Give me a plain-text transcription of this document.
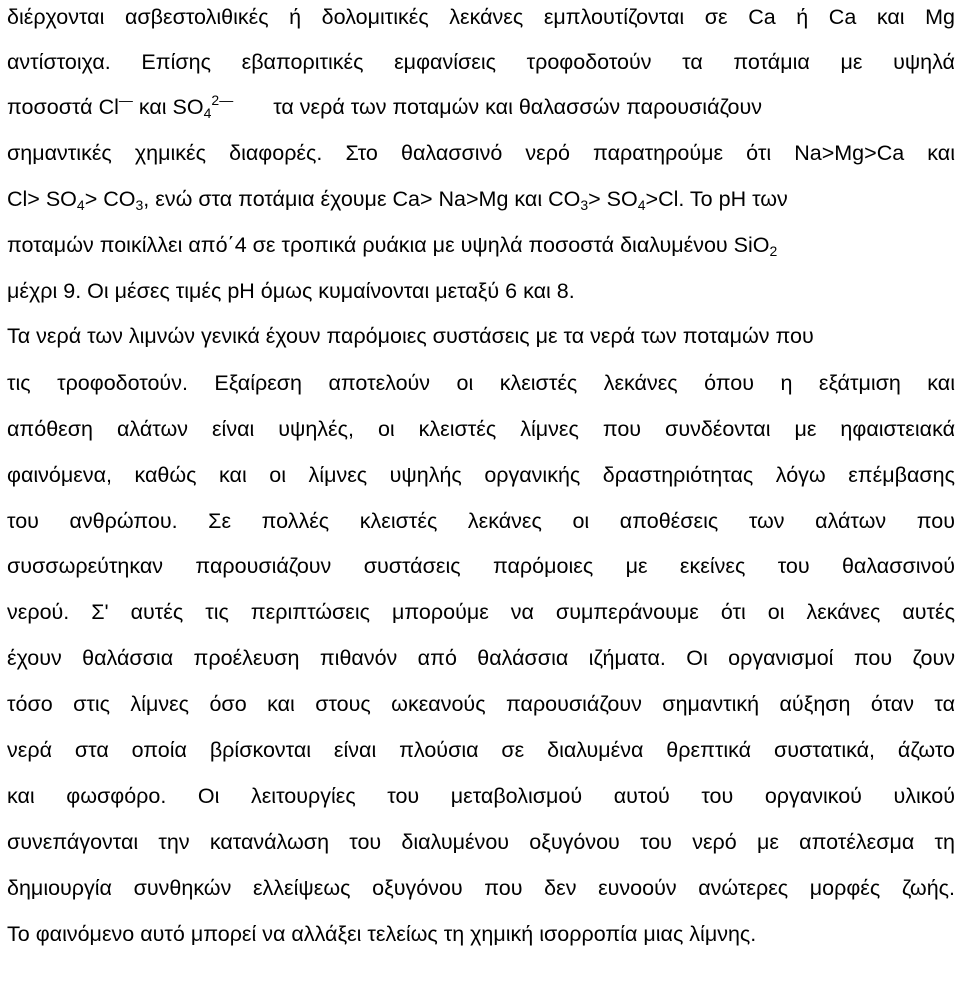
διέρχονται ασβεστολιθικές ή δολομιτικές λεκάνες εμπλουτίζονται σε Ca ή Ca και Mg
αντίστοιχα. Επίσης εβαποριτικές εμφανίσεις τροφοδοτούν τα ποτάμια με υψηλά
ποσοστά Cl— και $SO_4^{2—}$ τα νερά των ποταμών και θαλασσών παρουσιάζουν
σημαντικές χημικές διαφορές. Στο θαλασσινό νερό παρατηρούμε ότι Na>Mg>Ca και
$Cl> SO_4> CO_3$, ενώ στα ποτάμια έχουμε Ca> Na>Mg και $CO_3> SO_4>Cl$. To pH των
ποταμών ποικίλλει από΄4 σε τροπικά ρυάκια με υψηλά ποσοστά διαλυμένου SiO$_2$
μέχρι 9. Οι μέσες τιμές pH όμως κυμαίνονται μεταξύ 6 και 8.
Τα νερά των λιμνών γενικά έχουν παρόμοιες συστάσεις με τα νερά των ποταμών που
τις τροφοδοτούν. Εξαίρεση αποτελούν οι κλειστές λεκάνες όπου η εξάτμιση και
απόθεση αλάτων είναι υψηλές, οι κλειστές λίμνες που συνδέονται με ηφαιστειακά
φαινόμενα, καθώς και οι λίμνες υψηλής οργανικής δραστηριότητας λόγω επέμβασης
του ανθρώπου. Σε πολλές κλειστές λεκάνες οι αποθέσεις των αλάτων που
συσσωρεύτηκαν παρουσιάζουν συστάσεις παρόμοιες με εκείνες του θαλασσινού
νερού. Σ' αυτές τις περιπτώσεις μπορούμε να συμπεράνουμε ότι οι λεκάνες αυτές
έχουν θαλάσσια προέλευση πιθανόν από θαλάσσια ιζήματα. Οι οργανισμοί που ζουν
τόσο στις λίμνες όσο και στους ωκεανούς παρουσιάζουν σημαντική αύξηση όταν τα
νερά στα οποία βρίσκονται είναι πλούσια σε διαλυμένα θρεπτικά συστατικά, άζωτο
και φωσφόρο. Οι λειτουργίες του μεταβολισμού αυτού του οργανικού υλικού
συνεπάγονται την κατανάλωση του διαλυμένου οξυγόνου του νερό με αποτέλεσμα τη
δημιουργία συνθηκών ελλείψεως οξυγόνου που δεν ευνοούν ανώτερες μορφές ζωής.
Το φαινόμενο αυτό μπορεί να αλλάξει τελείως τη χημική ισορροπία μιας λίμνης.
